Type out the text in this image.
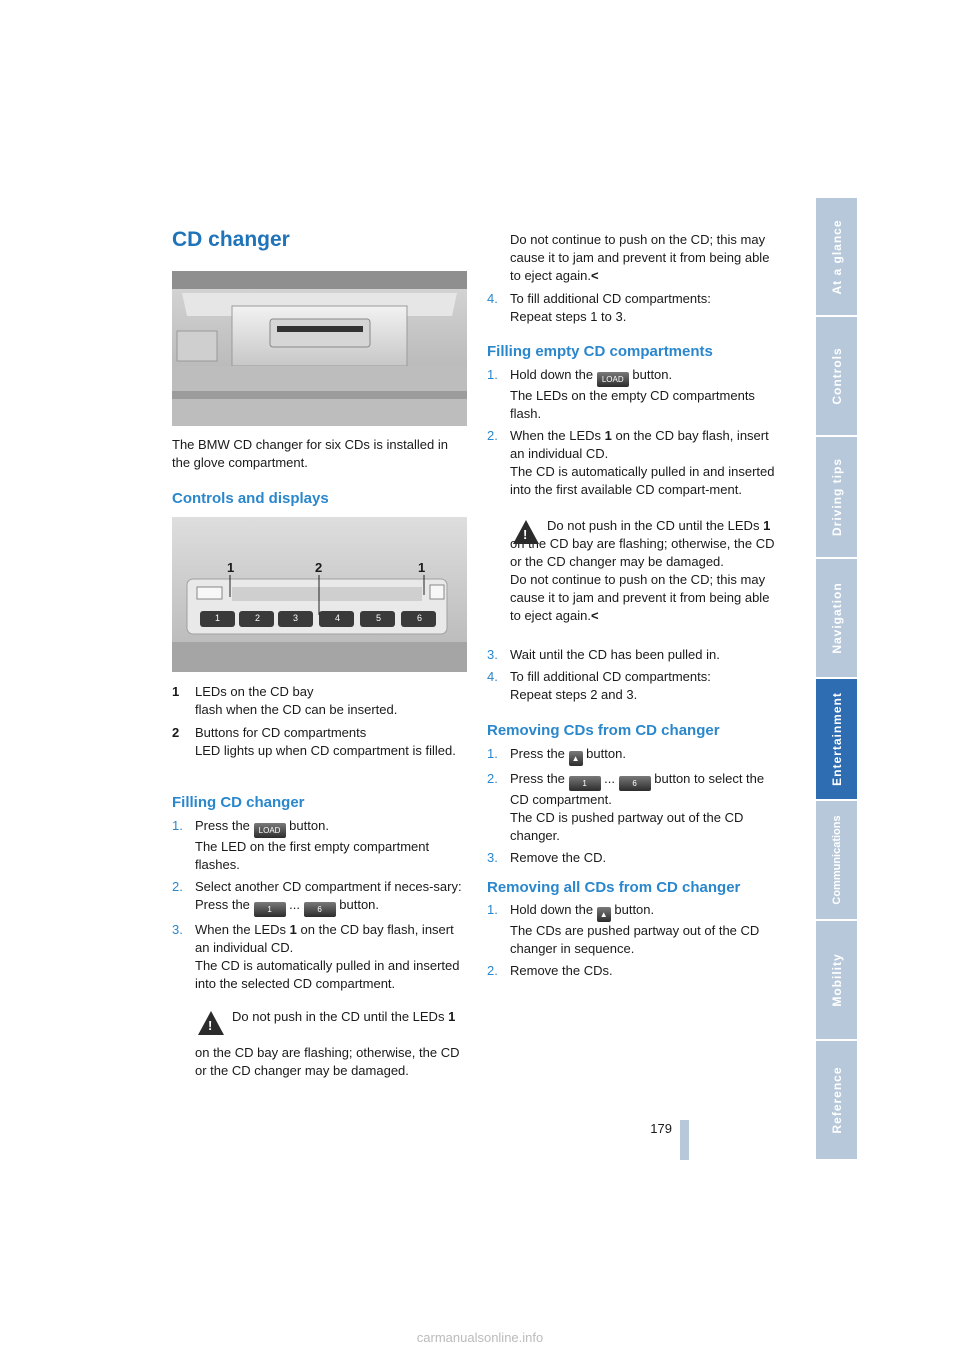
At a glance
Controls
Driving tips
Navigation
Entertainment
Communications
Mobility
Reference
CD changer
The BMW CD changer for six CDs is installed in the glove compartment.
Controls and displays
1	2	1
1	2	3	4	5	6
1 LEDs on the CD bay
flash when the CD can be inserted.
2 Buttons for CD compartments
LED lights up when CD compartment is filled.
Filling CD changer
1. Press the LOAD button.
The LED on the first empty compartment flashes.
2. Select another CD compartment if neces-sary:
Press the 1 ... 6 button.
3. When the LEDs 1 on the CD bay flash, insert an individual CD.
The CD is automatically pulled in and inserted into the selected CD compartment.
!
Do not push in the CD until the LEDs 1
on the CD bay are flashing; otherwise, the CD or the CD changer may be damaged.
Do not continue to push on the CD; this may cause it to jam and prevent it from being able to eject again.<
4. To fill additional CD compartments:
Repeat steps 1 to 3.
Filling empty CD compartments
1. Hold down the LOAD button.
The LEDs on the empty CD compartments flash.
2. When the LEDs 1 on the CD bay flash, insert an individual CD.
The CD is automatically pulled in and inserted into the first available CD compart-ment.
!
Do not push in the CD until the LEDs 1
on the CD bay are flashing; otherwise, the CD or the CD changer may be damaged.
Do not continue to push on the CD; this may cause it to jam and prevent it from being able to eject again.<
3. Wait until the CD has been pulled in.
4. To fill additional CD compartments:
Repeat steps 2 and 3.
Removing CDs from CD changer
1. Press the ▲ button.
2. Press the 1 ... 6 button to select the CD compartment.
The CD is pushed partway out of the CD changer.
3. Remove the CD.
Removing all CDs from CD changer
1. Hold down the ▲ button.
The CDs are pushed partway out of the CD changer in sequence.
2. Remove the CDs.
179
carmanualsonline.info
